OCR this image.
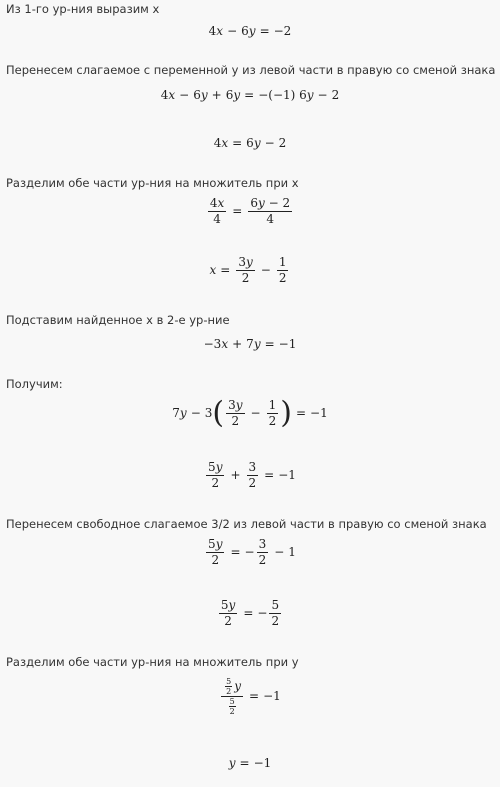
Из 1-го ур-ния выразим x
4x − 6y = −2
Перенесем слагаемое с переменной y из левой части в правую со сменой знака
4x − 6y + 6y = −(−1) 6y − 2
4x = 6y − 2
Разделим обе части ур-ния на множитель при x
$\frac{4x}{4} = \frac{6y - 2}{4}$
$x = \frac{3y}{2} - \frac{1}{2}$
Подставим найденное x в 2-е ур-ние
−3x + 7y = −1
Получим:
$7y - 3( \frac{3y}{2} - \frac{1}{2}$ ) = −1
$\frac{5y}{2} + \frac{3}{2} = -1$
Перенесем свободное слагаемое 3/2 из левой части в правую со сменой знака
$\frac{5y}{2}$ = − $\frac{3}{2} - 1$
$\frac{5y}{2}$ = − $\frac{5}{2}$
Разделим обе части ур-ния на множитель при y
$\frac{\frac{5}{2} y}{\frac{5}{2}} = -1$
y = −1
